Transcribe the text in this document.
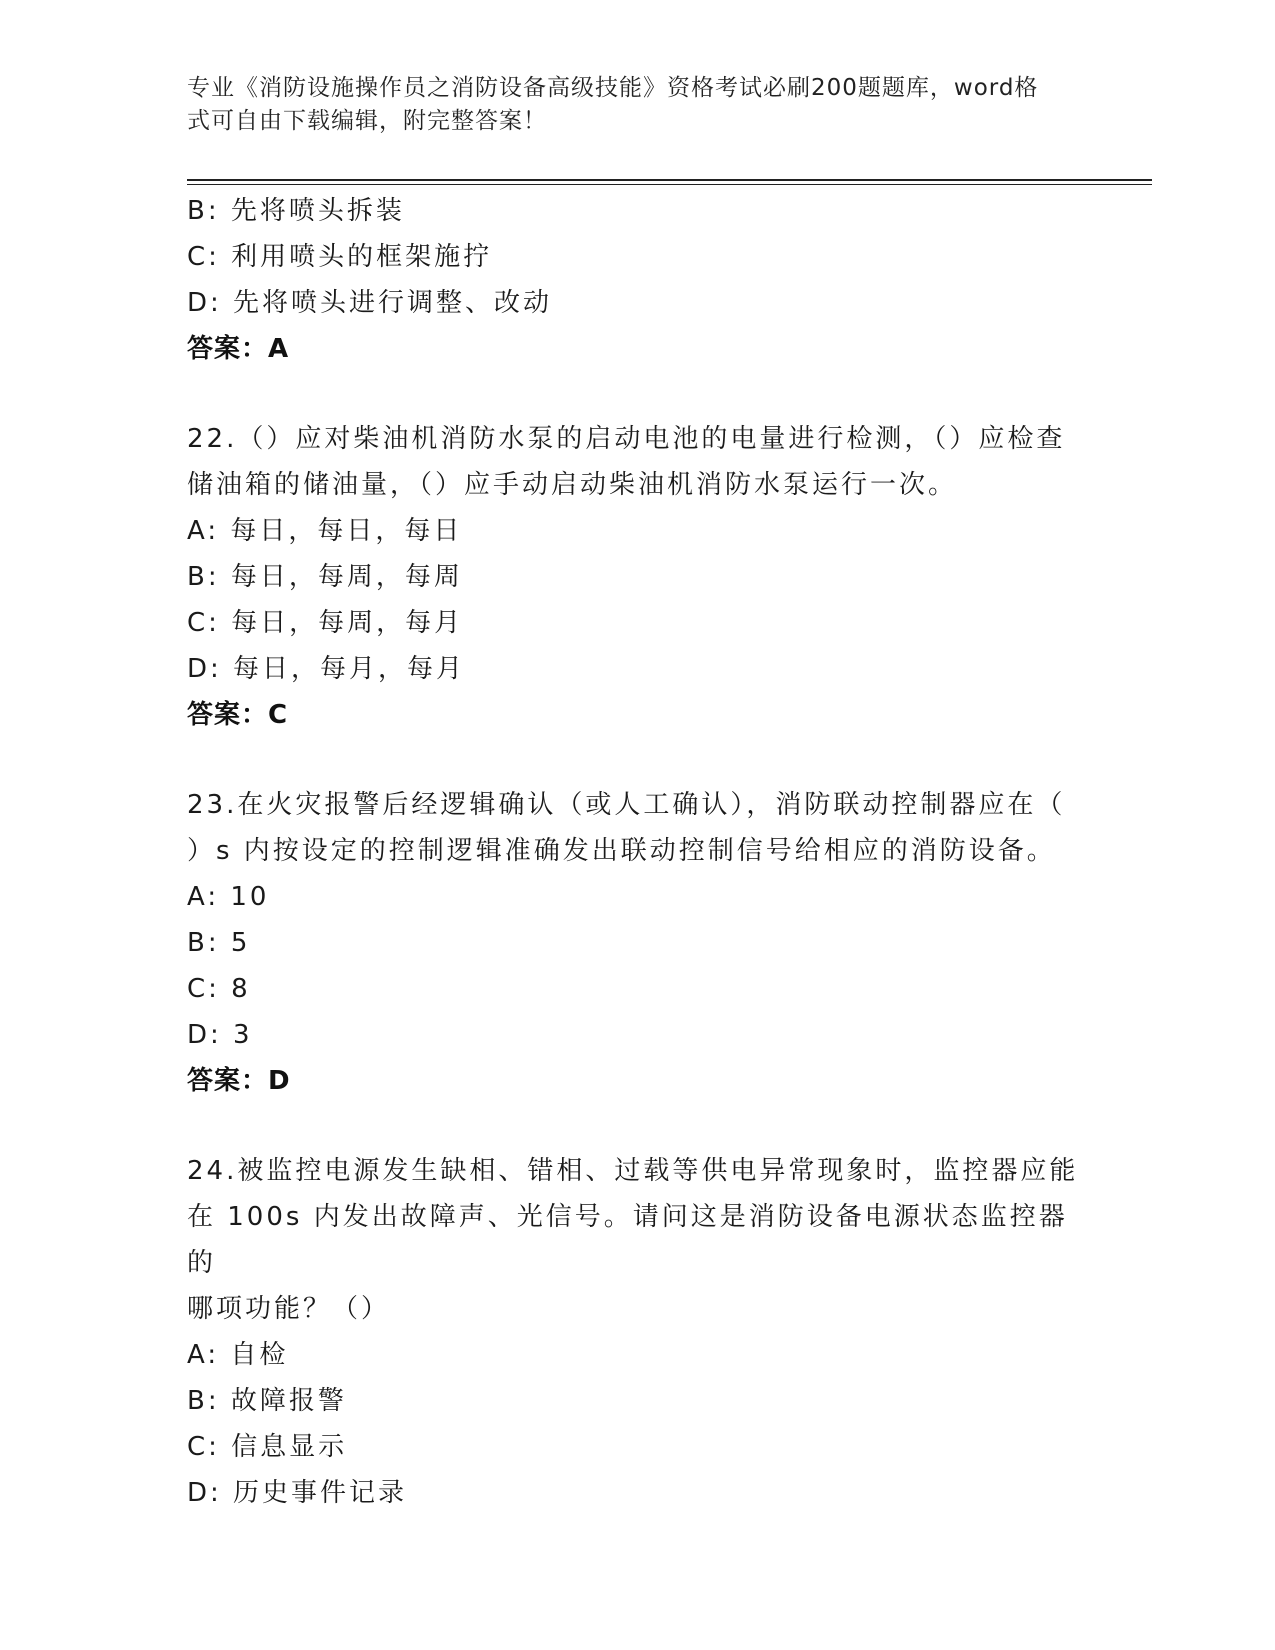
专业《消防设施操作员之消防设备高级技能》资格考试必刷200题题库，word格

式可自由下载编辑，附完整答案！

B: 先将喷头拆装
C: 利用喷头的框架施拧
D: 先将喷头进行调整、改动
答案：A
22.（）应对柴油机消防水泵的启动电池的电量进行检测，（）应检查
储油箱的储油量，（）应手动启动柴油机消防水泵运行一次。
A: 每日，每日，每日
B: 每日，每周，每周
C: 每日，每周，每月
D: 每日，每月，每月
答案：C
23.在火灾报警后经逻辑确认（或人工确认），消防联动控制器应在（
）s 内按设定的控制逻辑准确发出联动控制信号给相应的消防设备。
A: 10
B: 5
C: 8
D: 3
答案：D
24.被监控电源发生缺相、错相、过载等供电异常现象时，监控器应能
在 100s 内发出故障声、光信号。请问这是消防设备电源状态监控器的
哪项功能？（）
A: 自检
B: 故障报警
C: 信息显示
D: 历史事件记录
